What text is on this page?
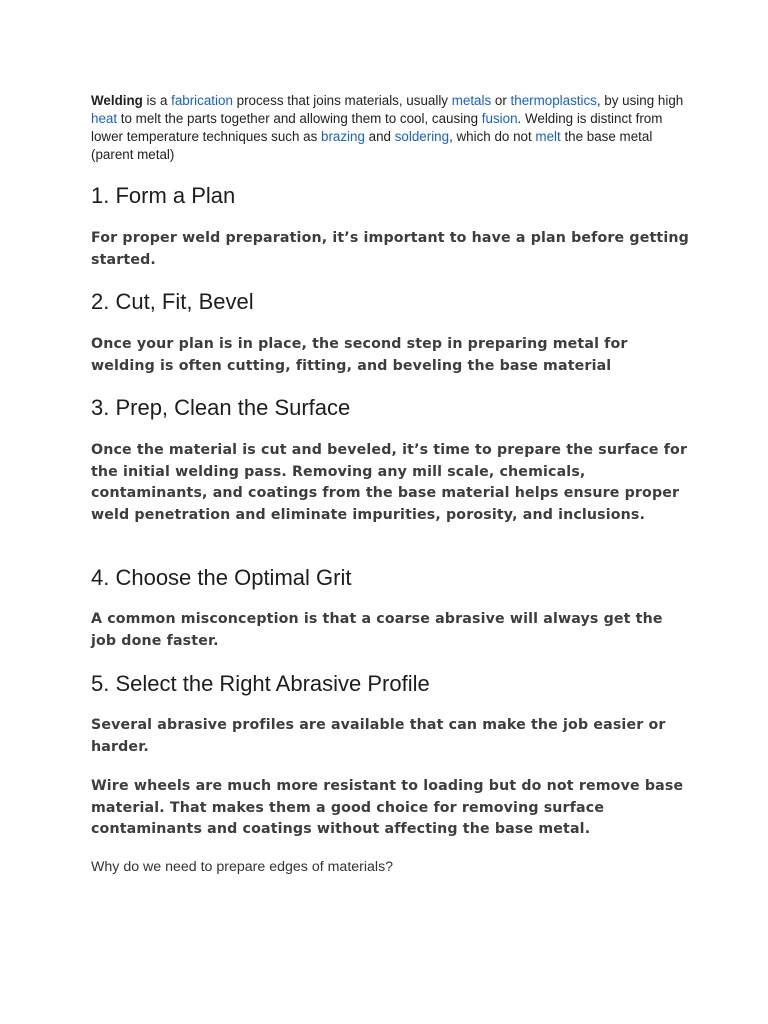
Welding is a fabrication process that joins materials, usually metals or thermoplastics, by using high heat to melt the parts together and allowing them to cool, causing fusion. Welding is distinct from lower temperature techniques such as brazing and soldering, which do not melt the base metal (parent metal)

1. Form a Plan

For proper weld preparation, it’s important to have a plan before getting started.

2. Cut, Fit, Bevel

Once your plan is in place, the second step in preparing metal for welding is often cutting, fitting, and beveling the base material

3. Prep, Clean the Surface

Once the material is cut and beveled, it’s time to prepare the surface for the initial welding pass. Removing any mill scale, chemicals, contaminants, and coatings from the base material helps ensure proper weld penetration and eliminate impurities, porosity, and inclusions.

4. Choose the Optimal Grit

A common misconception is that a coarse abrasive will always get the job done faster.

5. Select the Right Abrasive Profile

Several abrasive profiles are available that can make the job easier or harder.

Wire wheels are much more resistant to loading but do not remove base material. That makes them a good choice for removing surface contaminants and coatings without affecting the base metal.

Why do we need to prepare edges of materials?
